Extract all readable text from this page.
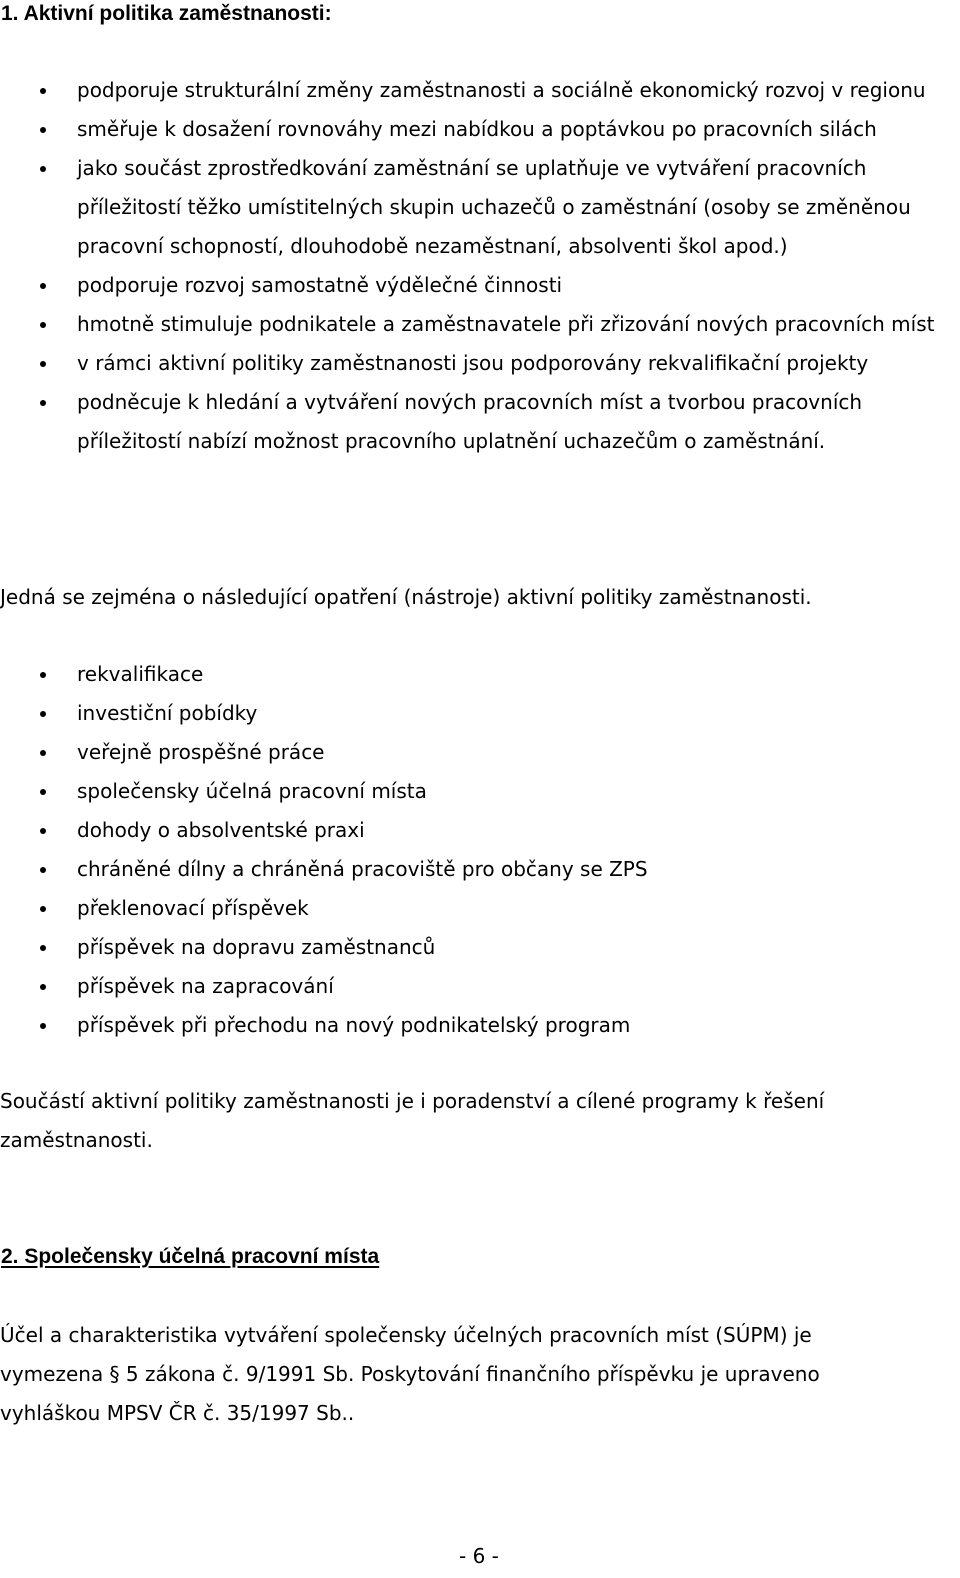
1. Aktivní politika zaměstnanosti:
podporuje strukturální změny zaměstnanosti a sociálně ekonomický rozvoj v regionu
směřuje k dosažení rovnováhy mezi nabídkou a poptávkou po pracovních silách
jako součást zprostředkování zaměstnání se uplatňuje ve vytváření pracovních příležitostí těžko umístitelných skupin uchazečů o zaměstnání (osoby se změněnou pracovní schopností, dlouhodobě nezaměstnaní, absolventi škol apod.)
podporuje rozvoj samostatně výdělečné činnosti
hmotně stimuluje podnikatele a zaměstnavatele při zřizování nových pracovních míst
v rámci aktivní politiky zaměstnanosti jsou podporovány rekvalifikační projekty
podněcuje k hledání a vytváření nových pracovních míst a tvorbou pracovních příležitostí nabízí možnost pracovního uplatnění uchazečům o zaměstnání.

Jedná se zejména o následující opatření (nástroje) aktivní politiky zaměstnanosti.

rekvalifikace
investiční pobídky
veřejně prospěšné práce
společensky účelná pracovní místa
dohody o absolventské praxi
chráněné dílny a chráněná pracoviště pro občany se ZPS
překlenovací příspěvek
příspěvek na dopravu zaměstnanců
příspěvek na zapracování
příspěvek při přechodu na nový podnikatelský program

Součástí aktivní politiky zaměstnanosti je i poradenství a cílené programy k řešení zaměstnanosti.

2. Společensky účelná pracovní místa

Účel a charakteristika vytváření společensky účelných pracovních míst (SÚPM) je vymezena § 5 zákona č. 9/1991 Sb. Poskytování finančního příspěvku je upraveno vyhláškou MPSV ČR č. 35/1997 Sb..

- 6 -
